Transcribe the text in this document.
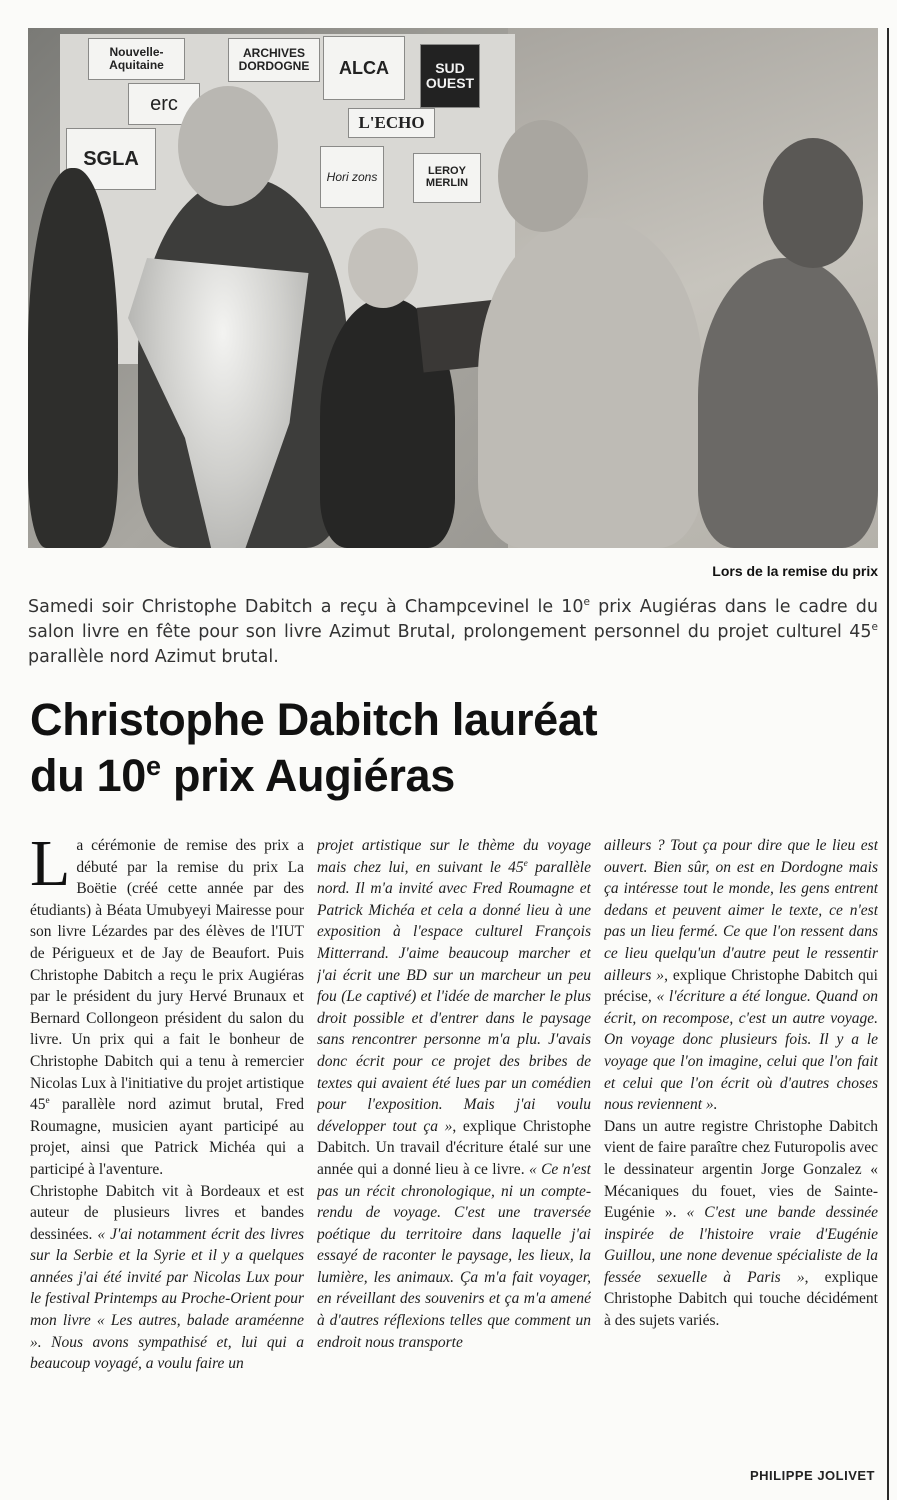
Nouvelle-Aquitaine
ARCHIVES DORDOGNE	ALCA	SUD OUEST
erc
L'ECHO
SGLA
Hori zons	LEROY MERLIN
Lors de la remise du prix

Samedi soir Christophe Dabitch a reçu à Champcevinel le 10e prix Augiéras dans le cadre du salon livre en fête pour son livre Azimut Brutal, prolongement personnel du projet culturel 45e parallèle nord Azimut brutal.

Christophe Dabitch lauréat
du 10e prix Augiéras

La cérémonie de remise des prix a débuté par la remise du prix La Boëtie (créé cette année par des étudiants) à Béata Umubyeyi Mairesse pour son livre Lézardes par des élèves de l'IUT de Périgueux et de Jay de Beaufort. Puis Christophe Dabitch a reçu le prix Augiéras par le président du jury Hervé Brunaux et Bernard Collongeon président du salon du livre. Un prix qui a fait le bonheur de Christophe Dabitch qui a tenu à remercier Nicolas Lux à l'initiative du projet artistique 45e parallèle nord azimut brutal, Fred Roumagne, musicien ayant participé au projet, ainsi que Patrick Michéa qui a participé à l'aventure.

Christophe Dabitch vit à Bordeaux et est auteur de plusieurs livres et bandes dessinées. « J'ai notamment écrit des livres sur la Serbie et la Syrie et il y a quelques années j'ai été invité par Nicolas Lux pour le festival Printemps au Proche-Orient pour mon livre « Les autres, balade araméenne ». Nous avons sympathisé et, lui qui a beaucoup voyagé, a voulu faire un

projet artistique sur le thème du voyage mais chez lui, en suivant le 45e parallèle nord. Il m'a invité avec Fred Roumagne et Patrick Michéa et cela a donné lieu à une exposition à l'espace culturel François Mitterrand. J'aime beaucoup marcher et j'ai écrit une BD sur un marcheur un peu fou (Le captivé) et l'idée de marcher le plus droit possible et d'entrer dans le paysage sans rencontrer personne m'a plu. J'avais donc écrit pour ce projet des bribes de textes qui avaient été lues par un comédien pour l'exposition. Mais j'ai voulu développer tout ça », explique Christophe Dabitch. Un travail d'écriture étalé sur une année qui a donné lieu à ce livre. « Ce n'est pas un récit chronologique, ni un compte-rendu de voyage. C'est une traversée poétique du territoire dans laquelle j'ai essayé de raconter le paysage, les lieux, la lumière, les animaux. Ça m'a fait voyager, en réveillant des souvenirs et ça m'a amené à d'autres réflexions telles que comment un endroit nous transporte

ailleurs ? Tout ça pour dire que le lieu est ouvert. Bien sûr, on est en Dordogne mais ça intéresse tout le monde, les gens entrent dedans et peuvent aimer le texte, ce n'est pas un lieu fermé. Ce que l'on ressent dans ce lieu quelqu'un d'autre peut le ressentir ailleurs », explique Christophe Dabitch qui précise, « l'écriture a été longue. Quand on écrit, on recompose, c'est un autre voyage. On voyage donc plusieurs fois. Il y a le voyage que l'on imagine, celui que l'on fait et celui que l'on écrit où d'autres choses nous reviennent ».

Dans un autre registre Christophe Dabitch vient de faire paraître chez Futuropolis avec le dessinateur argentin Jorge Gonzalez « Mécaniques du fouet, vies de Sainte-Eugénie ». « C'est une bande dessinée inspirée de l'histoire vraie d'Eugénie Guillou, une none devenue spécialiste de la fessée sexuelle à Paris », explique Christophe Dabitch qui touche décidément à des sujets variés.

PHILIPPE JOLIVET
